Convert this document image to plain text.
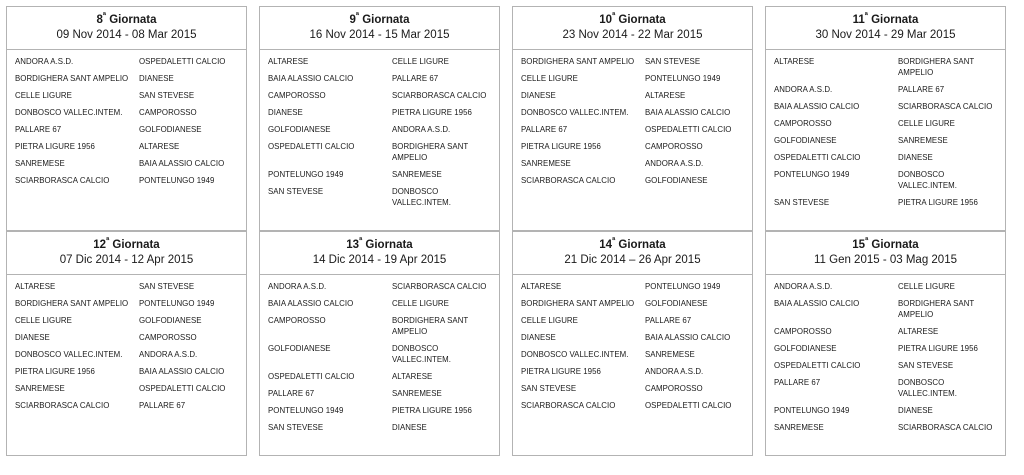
$8^ª$ Giornata
09 Nov 2014 - 08 Mar 2015
ANDORA A.S.D.	OSPEDALETTI CALCIO
BORDIGHERA SANT AMPELIO	DIANESE
CELLE LIGURE	SAN STEVESE
DONBOSCO VALLEC.INTEM.	CAMPOROSSO
PALLARE 67	GOLFODIANESE
PIETRA LIGURE 1956	ALTARESE
SANREMESE	BAIA ALASSIO CALCIO
SCIARBORASCA CALCIO	PONTELUNGO 1949
$9^ª$ Giornata
16 Nov 2014 - 15 Mar 2015
ALTARESE	CELLE LIGURE
BAIA ALASSIO CALCIO	PALLARE 67
CAMPOROSSO	SCIARBORASCA CALCIO
DIANESE	PIETRA LIGURE 1956
GOLFODIANESE	ANDORA A.S.D.
OSPEDALETTI CALCIO	BORDIGHERA SANT AMPELIO
PONTELUNGO 1949	SANREMESE
SAN STEVESE	DONBOSCO VALLEC.INTEM.
$10^ª$ Giornata
23 Nov 2014 - 22 Mar 2015
BORDIGHERA SANT AMPELIO	SAN STEVESE
CELLE LIGURE	PONTELUNGO 1949
DIANESE	ALTARESE
DONBOSCO VALLEC.INTEM.	BAIA ALASSIO CALCIO
PALLARE 67	OSPEDALETTI CALCIO
PIETRA LIGURE 1956	CAMPOROSSO
SANREMESE	ANDORA A.S.D.
SCIARBORASCA CALCIO	GOLFODIANESE
$11^ª$ Giornata
30 Nov 2014 - 29 Mar 2015
ALTARESE	BORDIGHERA SANT AMPELIO
ANDORA A.S.D.	PALLARE 67
BAIA ALASSIO CALCIO	SCIARBORASCA CALCIO
CAMPOROSSO	CELLE LIGURE
GOLFODIANESE	SANREMESE
OSPEDALETTI CALCIO	DIANESE
PONTELUNGO 1949	DONBOSCO VALLEC.INTEM.
SAN STEVESE	PIETRA LIGURE 1956
$12^ª$ Giornata
07 Dic 2014 - 12 Apr 2015
ALTARESE	SAN STEVESE
BORDIGHERA SANT AMPELIO	PONTELUNGO 1949
CELLE LIGURE	GOLFODIANESE
DIANESE	CAMPOROSSO
DONBOSCO VALLEC.INTEM.	ANDORA A.S.D.
PIETRA LIGURE 1956	BAIA ALASSIO CALCIO
SANREMESE	OSPEDALETTI CALCIO
SCIARBORASCA CALCIO	PALLARE 67
$13^ª$ Giornata
14 Dic 2014 - 19 Apr 2015
ANDORA A.S.D.	SCIARBORASCA CALCIO
BAIA ALASSIO CALCIO	CELLE LIGURE
CAMPOROSSO	BORDIGHERA SANT AMPELIO
GOLFODIANESE	DONBOSCO VALLEC.INTEM.
OSPEDALETTI CALCIO	ALTARESE
PALLARE 67	SANREMESE
PONTELUNGO 1949	PIETRA LIGURE 1956
SAN STEVESE	DIANESE
$14^ª$ Giornata
21 Dic 2014 – 26 Apr 2015
ALTARESE	PONTELUNGO 1949
BORDIGHERA SANT AMPELIO	GOLFODIANESE
CELLE LIGURE	PALLARE 67
DIANESE	BAIA ALASSIO CALCIO
DONBOSCO VALLEC.INTEM.	SANREMESE
PIETRA LIGURE 1956	ANDORA A.S.D.
SAN STEVESE	CAMPOROSSO
SCIARBORASCA CALCIO	OSPEDALETTI CALCIO
$15^ª$ Giornata
11 Gen 2015 - 03 Mag 2015
ANDORA A.S.D.	CELLE LIGURE
BAIA ALASSIO CALCIO	BORDIGHERA SANT AMPELIO
CAMPOROSSO	ALTARESE
GOLFODIANESE	PIETRA LIGURE 1956
OSPEDALETTI CALCIO	SAN STEVESE
PALLARE 67	DONBOSCO VALLEC.INTEM.
PONTELUNGO 1949	DIANESE
SANREMESE	SCIARBORASCA CALCIO
